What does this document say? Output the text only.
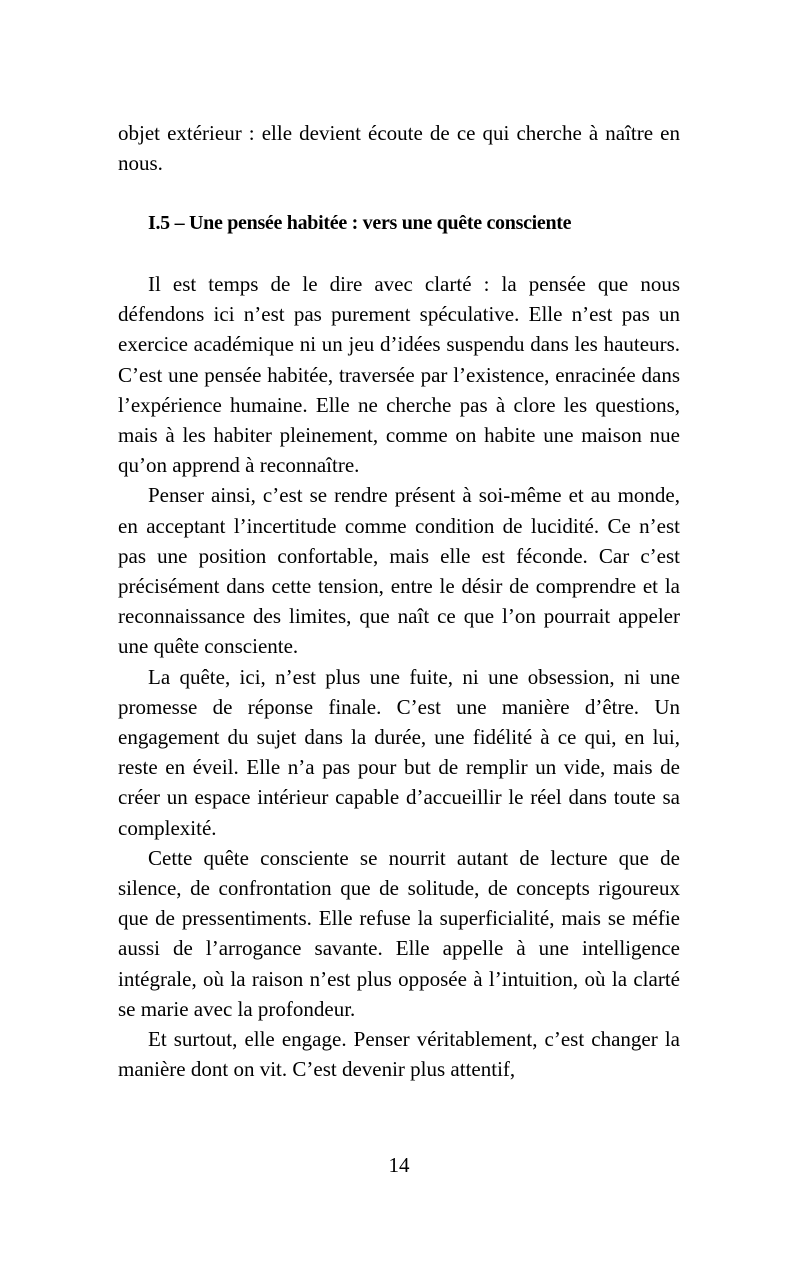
objet extérieur : elle devient écoute de ce qui cherche à naître en nous.

I.5 – Une pensée habitée : vers une quête consciente

Il est temps de le dire avec clarté : la pensée que nous défendons ici n’est pas purement spéculative. Elle n’est pas un exercice académique ni un jeu d’idées suspendu dans les hauteurs. C’est une pensée habitée, traversée par l’existence, enracinée dans l’expérience humaine. Elle ne cherche pas à clore les questions, mais à les habiter pleinement, comme on habite une maison nue qu’on apprend à reconnaître.

Penser ainsi, c’est se rendre présent à soi-même et au monde, en acceptant l’incertitude comme condition de lucidité. Ce n’est pas une position confortable, mais elle est féconde. Car c’est précisément dans cette tension, entre le désir de comprendre et la reconnaissance des limites, que naît ce que l’on pourrait appeler une quête consciente.

La quête, ici, n’est plus une fuite, ni une obsession, ni une promesse de réponse finale. C’est une manière d’être. Un engagement du sujet dans la durée, une fidélité à ce qui, en lui, reste en éveil. Elle n’a pas pour but de remplir un vide, mais de créer un espace intérieur capable d’accueillir le réel dans toute sa complexité.

Cette quête consciente se nourrit autant de lecture que de silence, de confrontation que de solitude, de concepts rigoureux que de pressentiments. Elle refuse la superficialité, mais se méfie aussi de l’arrogance savante. Elle appelle à une intelligence intégrale, où la raison n’est plus opposée à l’intuition, où la clarté se marie avec la profondeur.

Et surtout, elle engage. Penser véritablement, c’est changer la manière dont on vit. C’est devenir plus attentif,

14
